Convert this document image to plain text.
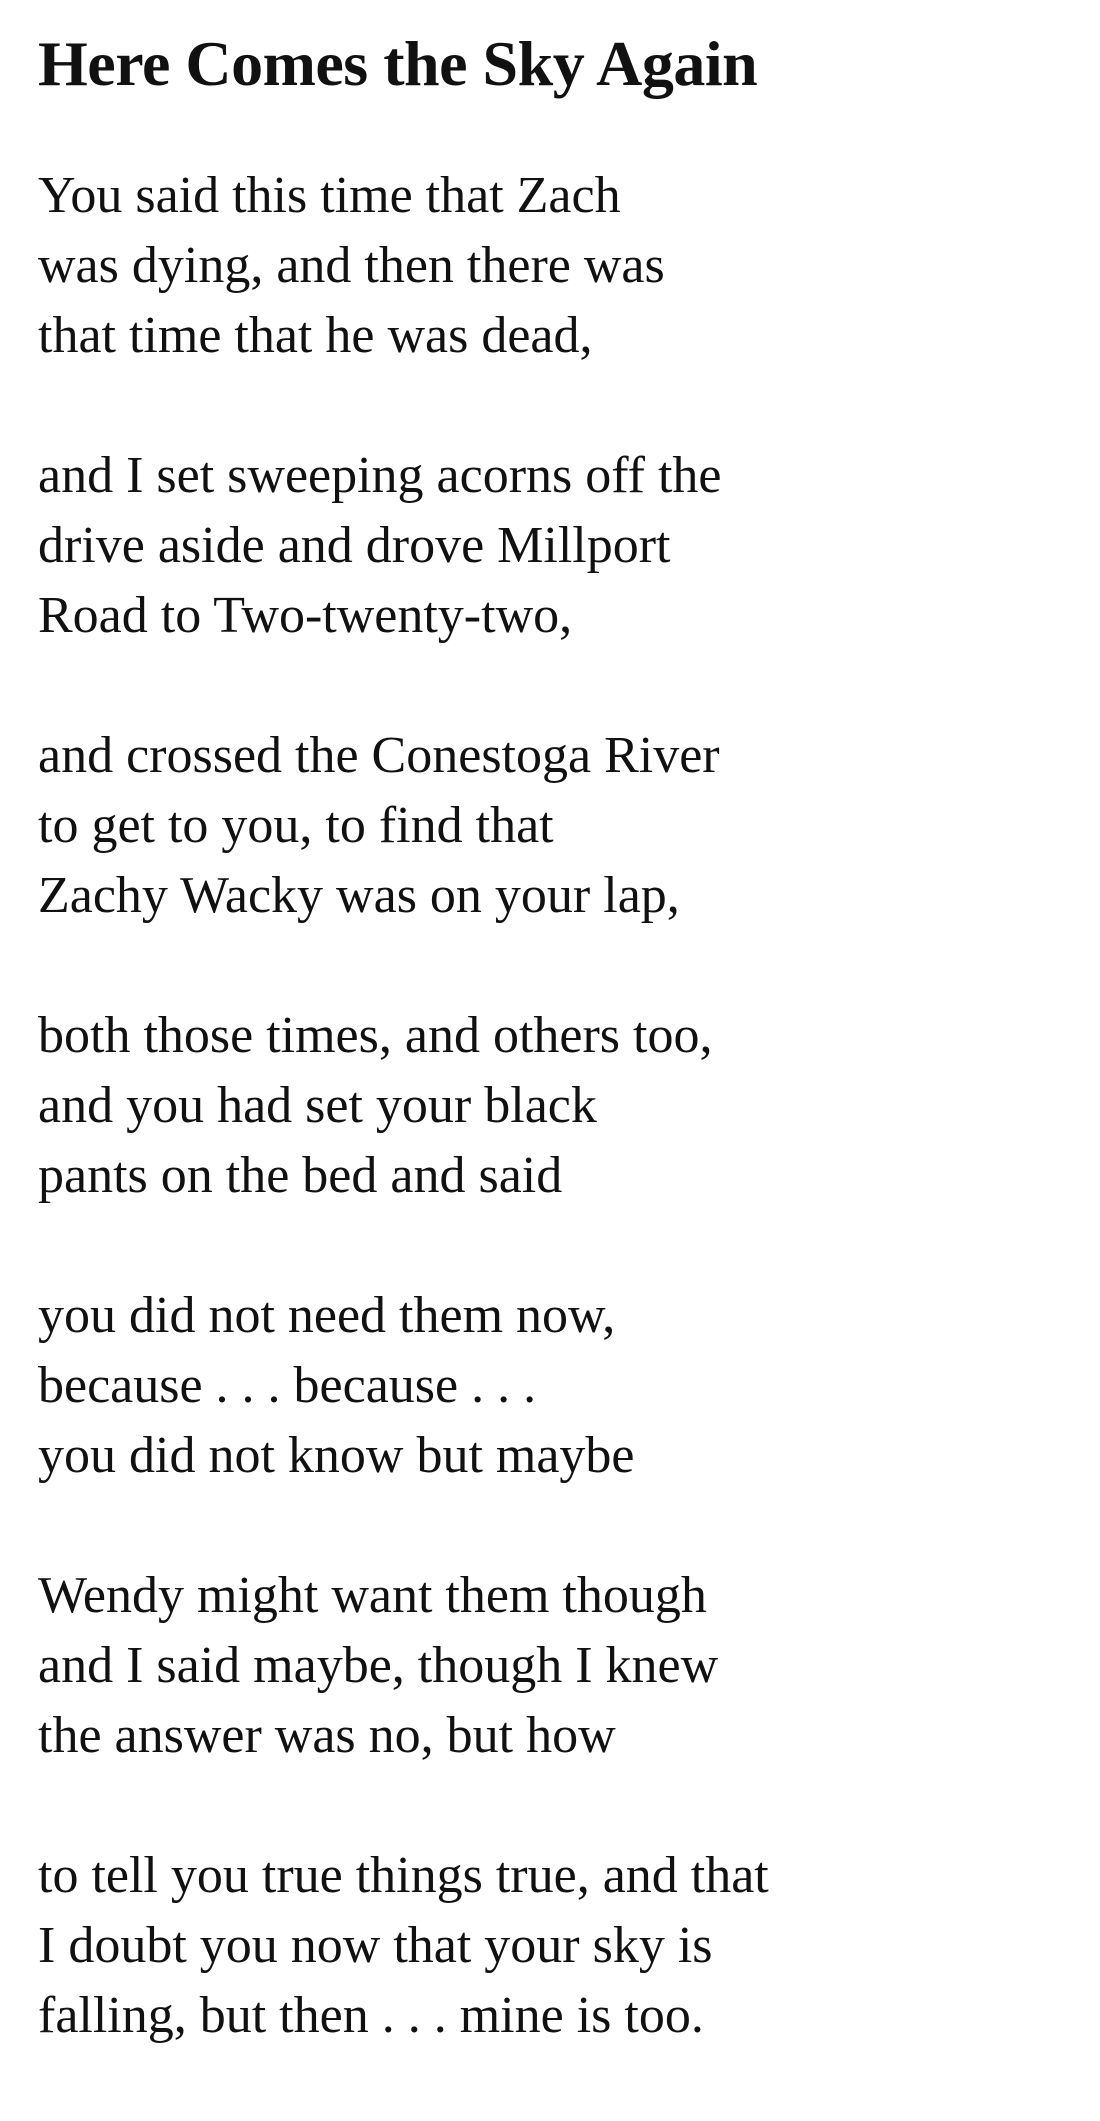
Here Comes the Sky Again
You said this time that Zach
was dying, and then there was
that time that he was dead,
and I set sweeping acorns off the
drive aside and drove Millport
Road to Two-twenty-two,
and crossed the Conestoga River
to get to you, to find that
Zachy Wacky was on your lap,
both those times, and others too,
and you had set your black
pants on the bed and said
you did not need them now,
because . . . because . . .
you did not know but maybe
Wendy might want them though
and I said maybe, though I knew
the answer was no, but how
to tell you true things true, and that
I doubt you now that your sky is
falling, but then . . . mine is too.
